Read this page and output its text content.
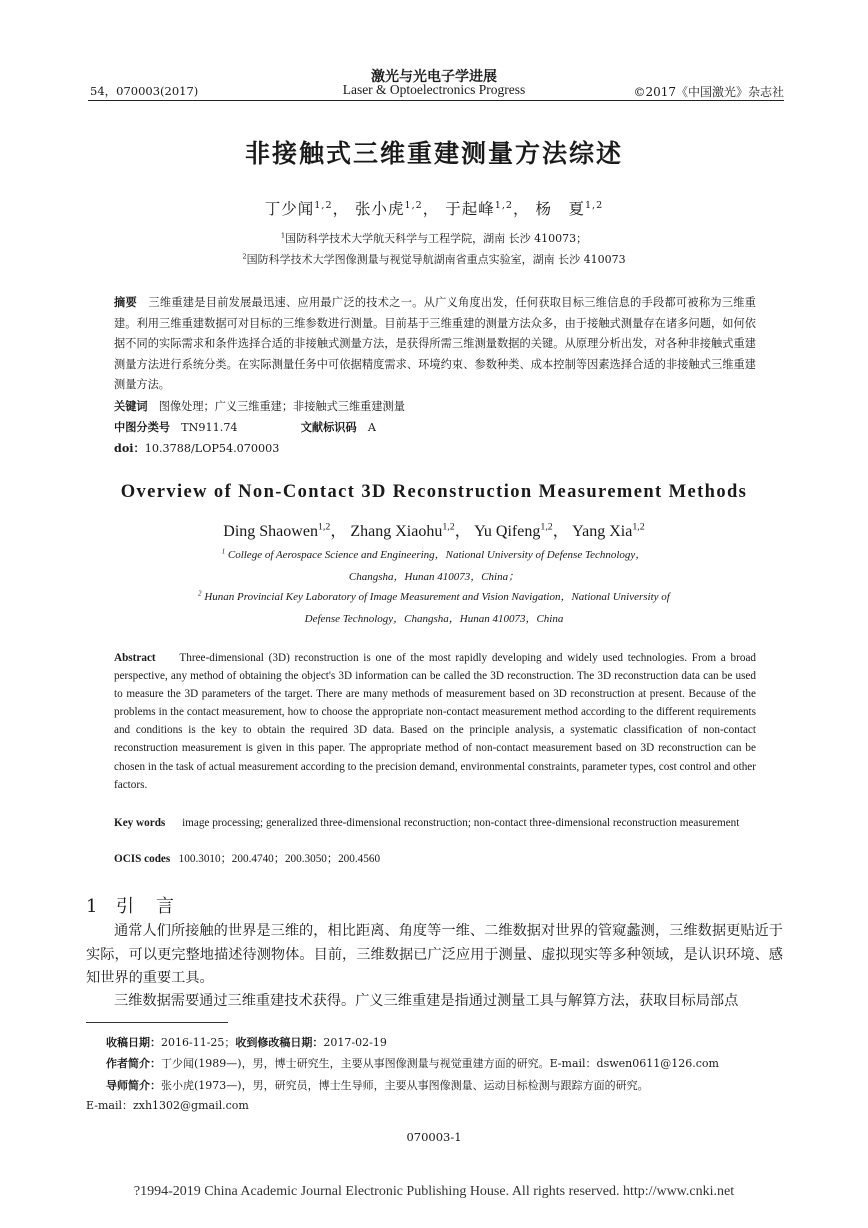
激光与光电子学进展
54，070003(2017)	Laser & Optoelectronics Progress	©2017《中国激光》杂志社
非接触式三维重建测量方法综述
丁少闻$^{1,2}$， 张小虎$^{1,2}$， 于起峰$^{1,2}$， 杨　夏$^{1,2}$
$^1$国防科学技术大学航天科学与工程学院，湖南 长沙 410073；
$^2$国防科学技术大学图像测量与视觉导航湖南省重点实验室，湖南 长沙 410073
摘要　 三维重建是目前发展最迅速、应用最广泛的技术之一。从广义角度出发，任何获取目标三维信息的手段都可被称为三维重建。利用三维重建数据可对目标的三维参数进行测量。目前基于三维重建的测量方法众多，由于接触式测量存在诸多问题，如何依据不同的实际需求和条件选择合适的非接触式测量方法，是获得所需三维测量数据的关键。从原理分析出发，对各种非接触式重建测量方法进行系统分类。在实际测量任务中可依据精度需求、环境约束、参数种类、成本控制等因素选择合适的非接触式三维重建测量方法。
关键词　 图像处理；广义三维重建；非接触式三维重建测量
中图分类号　 TN911.74	文献标识码　 A
doi：10.3788/LOP54.070003
Overview of Non-Contact 3D Reconstruction Measurement Methods
Ding Shaowen$^{1,2}$， Zhang Xiaohu$^{1,2}$， Yu Qifeng$^{1,2}$， Yang Xia$^{1,2}$
$^1$ College of Aerospace Science and Engineering，National University of Defense Technology，
Changsha，Hunan 410073，China；
$^2$ Hunan Provincial Key Laboratory of Image Measurement and Vision Navigation，National University of
Defense Technology，Changsha，Hunan 410073，China
Abstract Three-dimensional (3D) reconstruction is one of the most rapidly developing and widely used technologies. From a broad perspective, any method of obtaining the object's 3D information can be called the 3D reconstruction. The 3D reconstruction data can be used to measure the 3D parameters of the target. There are many methods of measurement based on 3D reconstruction at present. Because of the problems in the contact measurement, how to choose the appropriate non-contact measurement method according to the different requirements and conditions is the key to obtain the required 3D data. Based on the principle analysis, a systematic classification of non-contact reconstruction measurement is given in this paper. The appropriate method of non-contact measurement based on 3D reconstruction can be chosen in the task of actual measurement according to the precision demand, environmental constraints, parameter types, cost control and other factors.
Key words image processing; generalized three-dimensional reconstruction; non-contact three-dimensional reconstruction measurement
OCIS codes 100.3010；200.4740；200.3050；200.4560
1 引言
通常人们所接触的世界是三维的，相比距离、角度等一维、二维数据对世界的管窥蠡测，三维数据更贴近于实际，可以更完整地描述待测物体。目前，三维数据已广泛应用于测量、虚拟现实等多种领域，是认识环境、感知世界的重要工具。
三维数据需要通过三维重建技术获得。广义三维重建是指通过测量工具与解算方法，获取目标局部点
收稿日期：2016-11-25；收到修改稿日期：2017-02-19
作者简介：丁少闻(1989—)，男，博士研究生，主要从事图像测量与视觉重建方面的研究。E-mail：dswen0611@126.com
导师简介：张小虎(1973—)，男，研究员，博士生导师，主要从事图像测量、运动目标检测与跟踪方面的研究。
E-mail：zxh1302@gmail.com
070003-1
?1994-2019 China Academic Journal Electronic Publishing House. All rights reserved. http://www.cnki.net
